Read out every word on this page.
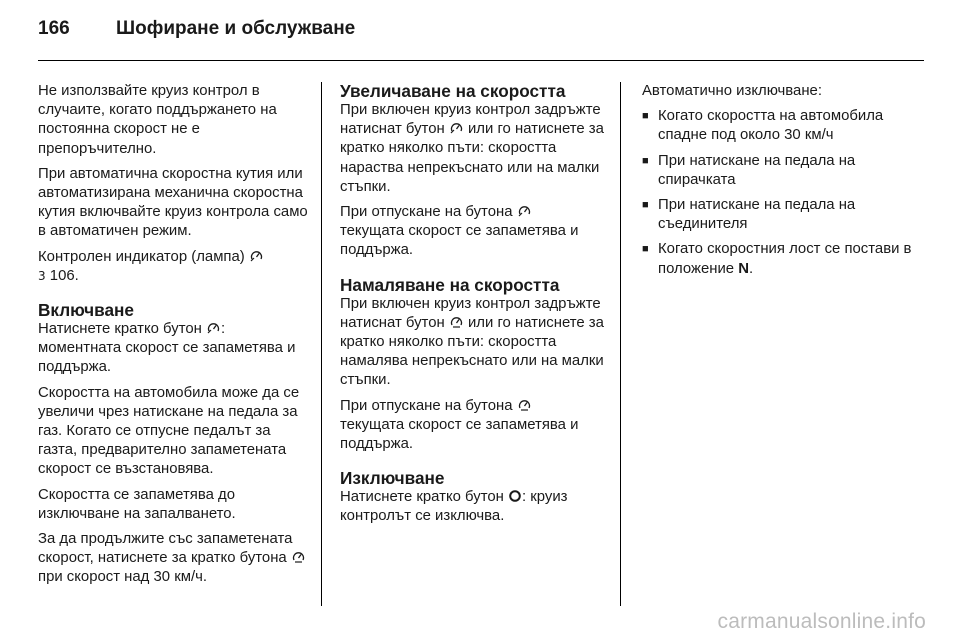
166 Шофиране и обслужване

Не използвайте круиз контрол в случаите, когато поддържането на постоянна скорост не е препоръчително.

При автоматична скоростна кутия или автоматизирана механична скоростна кутия включвайте круиз контрола само в автоматичен режим.

Контролен индикатор (лампа)

3 106.

Включване

Натиснете кратко бутон : моментната скорост се запаметява и поддържа.

Скоростта на автомобила може да се увеличи чрез натискане на педала за газ. Когато се отпусне педалът за газта, предварително запаметената скорост се възстановява.

Скоростта се запаметява до изключване на запалването.

За да продължите със запаметената скорост, натиснете за кратко бутона
при скорост над 30 км/ч.

Увеличаване на скоростта

При включен круиз контрол задръжте натиснат бутон или го натиснете за кратко няколко пъти: скоростта нараства непрекъснато или на малки стъпки.

При отпускане на бутона

текущата скорост се запаметява и поддържа.

Намаляване на скоростта

При включен круиз контрол задръжте натиснат бутон или го натиснете за кратко няколко пъти: скоростта намалява непрекъснато или на малки стъпки.

При отпускане на бутона

текущата скорост се запаметява и поддържа.

Изключване

Натиснете кратко бутон : круиз контролът се изключва.

Автоматично изключване:

■ Когато скоростта на автомобила спадне под около 30 км/ч
■ При натискане на педала на спирачката
■ При натискане на педала на съединителя
■ Когато скоростния лост се постави в положение N.
carmanualsonline.info
